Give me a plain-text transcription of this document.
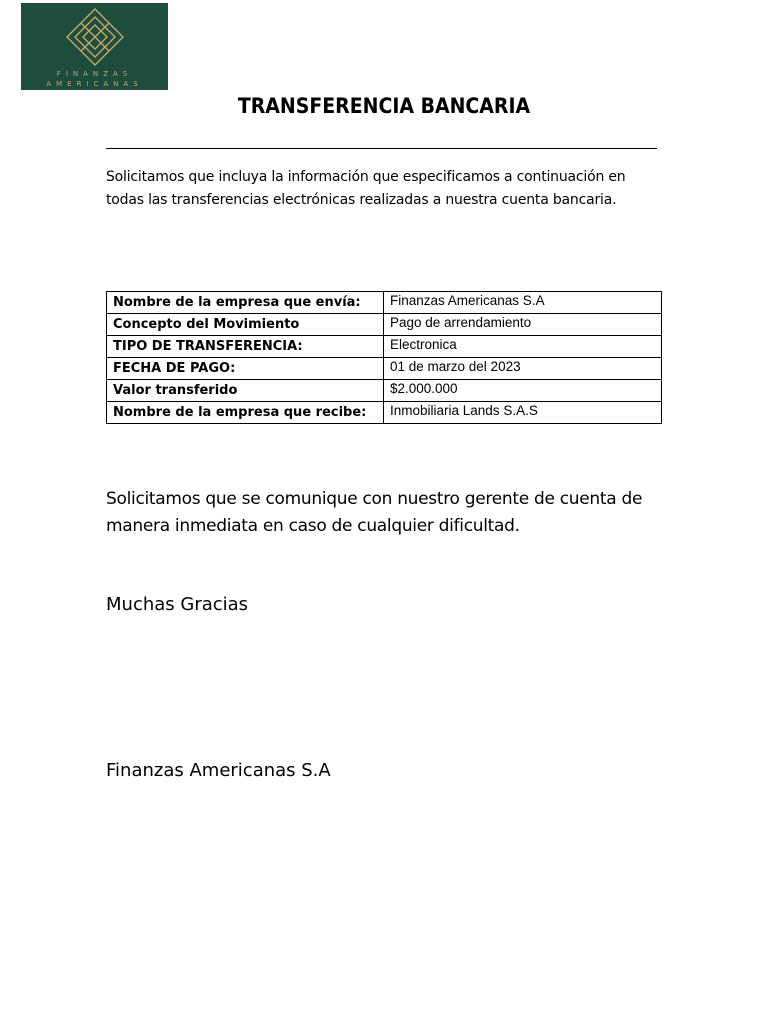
FINANZAS
AMERICANAS
TRANSFERENCIA BANCARIA
Solicitamos que incluya la información que especificamos a continuación en todas las transferencias electrónicas realizadas a nuestra cuenta bancaria.
Nombre de la empresa que envía:	Finanzas Americanas S.A
Concepto del Movimiento	Pago de arrendamiento
TIPO DE TRANSFERENCIA:	Electronica
FECHA DE PAGO:	01 de marzo del 2023
Valor transferido	$2.000.000
Nombre de la empresa que recibe:	Inmobiliaria Lands S.A.S
Solicitamos que se comunique con nuestro gerente de cuenta de manera inmediata en caso de cualquier dificultad.
Muchas Gracias
Finanzas Americanas S.A
